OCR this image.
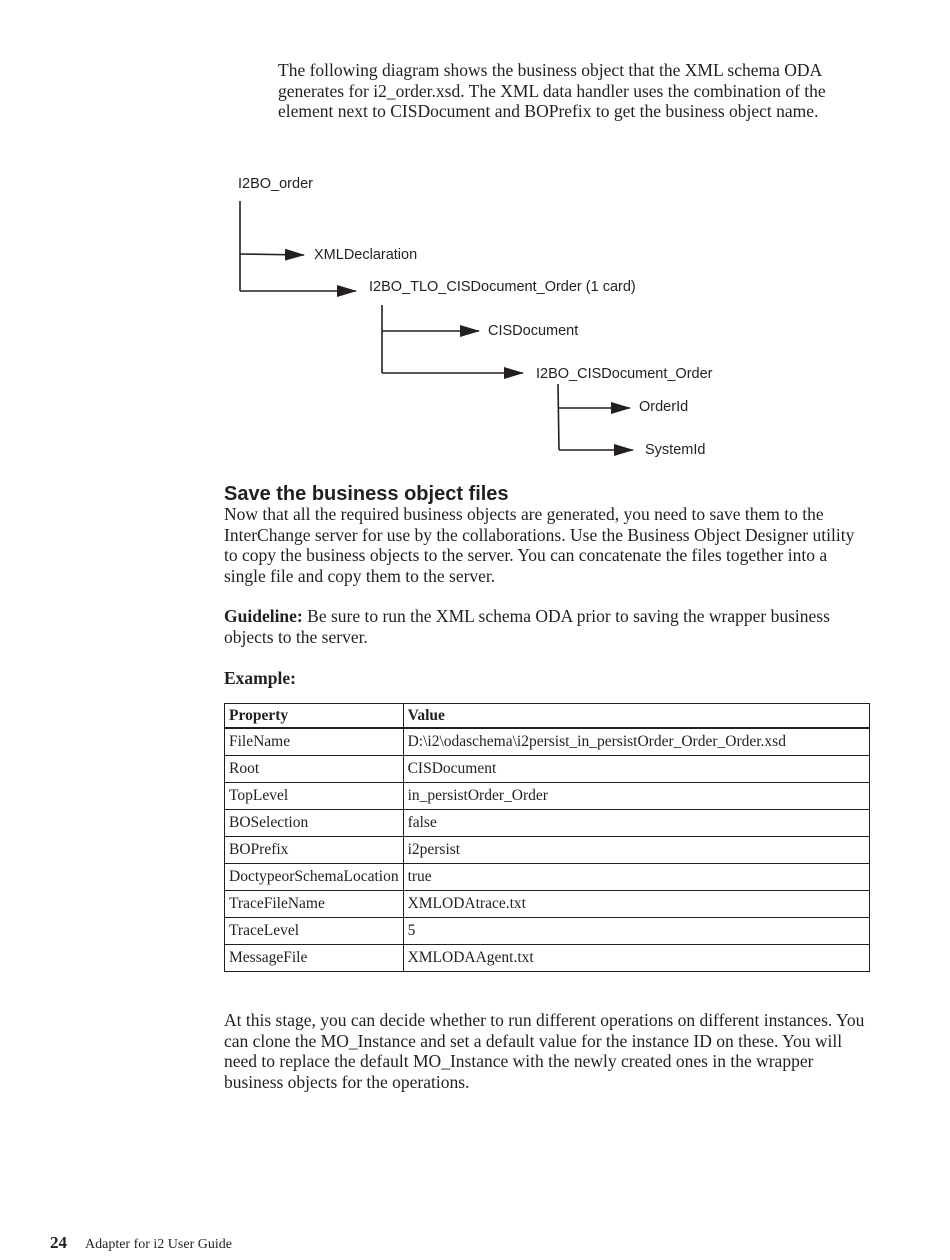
The following diagram shows the business object that the XML schema ODA generates for i2_order.xsd. The XML data handler uses the combination of the element next to CISDocument and BOPrefix to get the business object name.

I2BO_order
XMLDeclaration
I2BO_TLO_CISDocument_Order (1 card)
CISDocument
I2BO_CISDocument_Order
OrderId
SystemId
Save the business object files

Now that all the required business objects are generated, you need to save them to the InterChange server for use by the collaborations. Use the Business Object Designer utility to copy the business objects to the server. You can concatenate the files together into a single file and copy them to the server.

Guideline: Be sure to run the XML schema ODA prior to saving the wrapper business objects to the server.

Example:

Property	Value
FileName	D:\i2\odaschema\i2persist_in_persistOrder_Order_Order.xsd
Root	CISDocument
TopLevel	in_persistOrder_Order
BOSelection	false
BOPrefix	i2persist
DoctypeorSchemaLocation	true
TraceFileName	XMLODAtrace.txt
TraceLevel	5
MessageFile	XMLODAAgent.txt

At this stage, you can decide whether to run different operations on different instances. You can clone the MO_Instance and set a default value for the instance ID on these. You will need to replace the default MO_Instance with the newly created ones in the wrapper business objects for the operations.

24 Adapter for i2 User Guide
